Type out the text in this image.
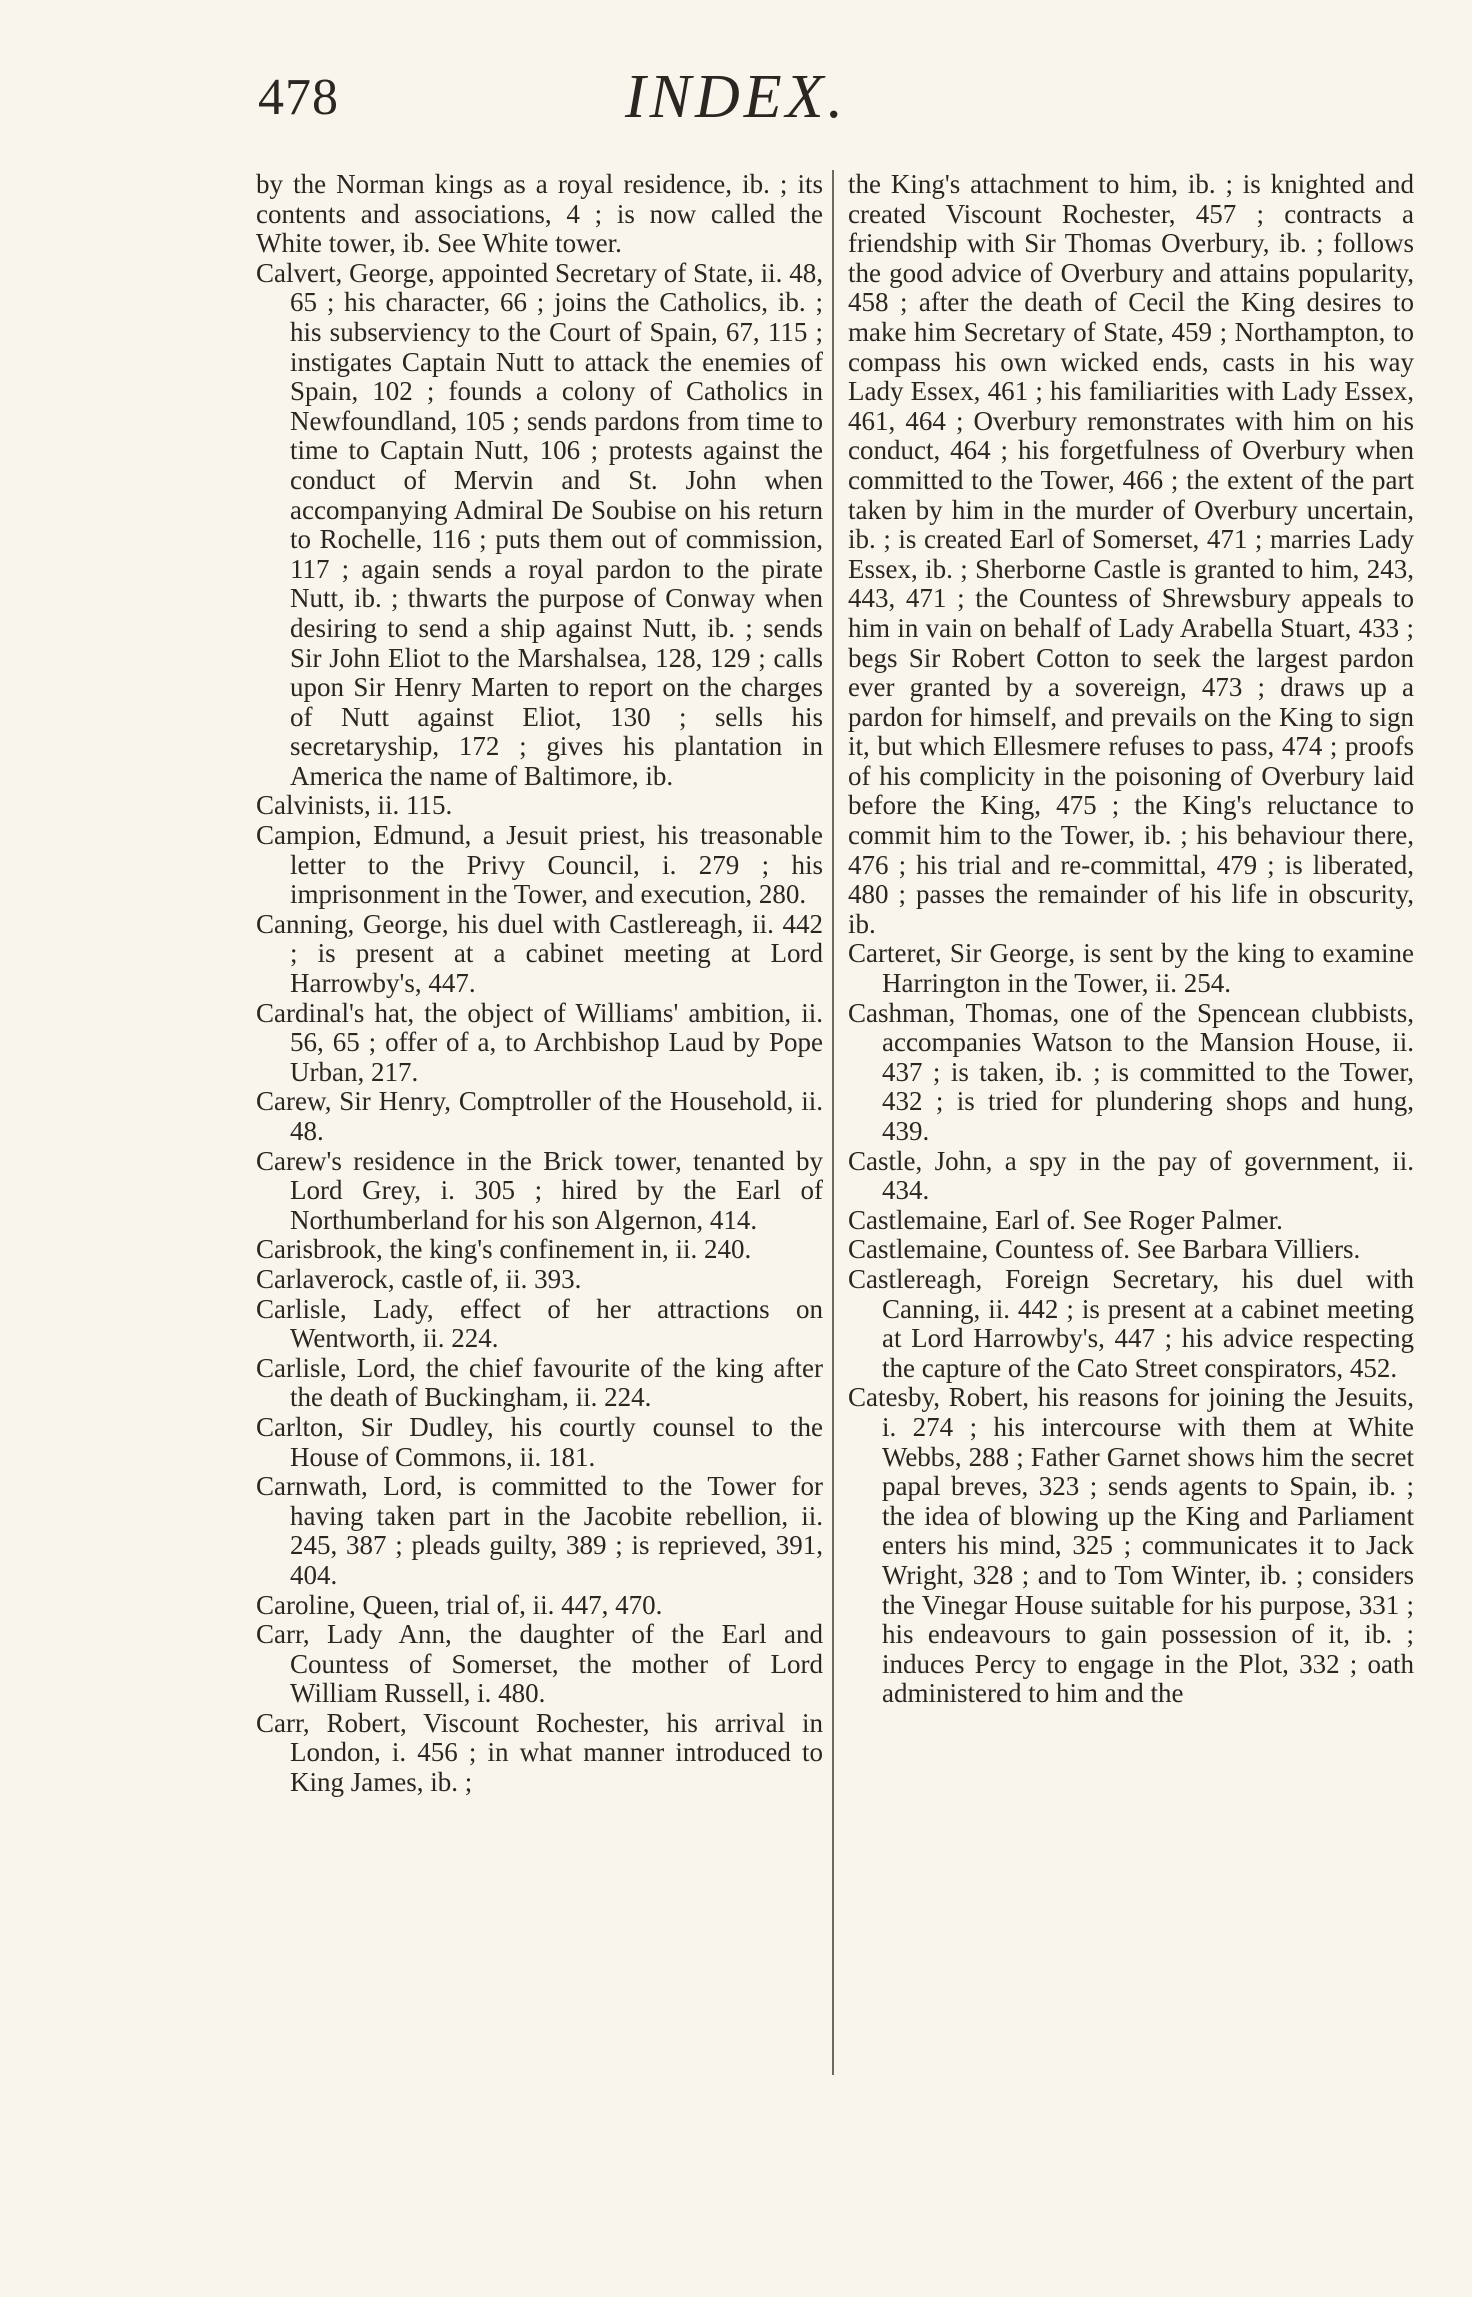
478	INDEX.

by the Norman kings as a royal residence, ib. ; its contents and associations, 4 ; is now called the White tower, ib. See White tower.

Calvert, George, appointed Secretary of State, ii. 48, 65 ; his character, 66 ; joins the Catholics, ib. ; his subserviency to the Court of Spain, 67, 115 ; instigates Captain Nutt to attack the enemies of Spain, 102 ; founds a colony of Catholics in Newfoundland, 105 ; sends pardons from time to time to Captain Nutt, 106 ; protests against the conduct of Mervin and St. John when accompanying Admiral De Soubise on his return to Rochelle, 116 ; puts them out of commission, 117 ; again sends a royal pardon to the pirate Nutt, ib. ; thwarts the purpose of Conway when desiring to send a ship against Nutt, ib. ; sends Sir John Eliot to the Marshalsea, 128, 129 ; calls upon Sir Henry Marten to report on the charges of Nutt against Eliot, 130 ; sells his secretaryship, 172 ; gives his plantation in America the name of Baltimore, ib.

Calvinists, ii. 115.

Campion, Edmund, a Jesuit priest, his treasonable letter to the Privy Council, i. 279 ; his imprisonment in the Tower, and execution, 280.

Canning, George, his duel with Castlereagh, ii. 442 ; is present at a cabinet meeting at Lord Harrowby's, 447.

Cardinal's hat, the object of Williams' ambition, ii. 56, 65 ; offer of a, to Archbishop Laud by Pope Urban, 217.

Carew, Sir Henry, Comptroller of the Household, ii. 48.

Carew's residence in the Brick tower, tenanted by Lord Grey, i. 305 ; hired by the Earl of Northumberland for his son Algernon, 414.

Carisbrook, the king's confinement in, ii. 240.

Carlaverock, castle of, ii. 393.

Carlisle, Lady, effect of her attractions on Wentworth, ii. 224.

Carlisle, Lord, the chief favourite of the king after the death of Buckingham, ii. 224.

Carlton, Sir Dudley, his courtly counsel to the House of Commons, ii. 181.

Carnwath, Lord, is committed to the Tower for having taken part in the Jacobite rebellion, ii. 245, 387 ; pleads guilty, 389 ; is reprieved, 391, 404.

Caroline, Queen, trial of, ii. 447, 470.

Carr, Lady Ann, the daughter of the Earl and Countess of Somerset, the mother of Lord William Russell, i. 480.

Carr, Robert, Viscount Rochester, his arrival in London, i. 456 ; in what manner introduced to King James, ib. ;

the King's attachment to him, ib. ; is knighted and created Viscount Rochester, 457 ; contracts a friendship with Sir Thomas Overbury, ib. ; follows the good advice of Overbury and attains popularity, 458 ; after the death of Cecil the King desires to make him Secretary of State, 459 ; Northampton, to compass his own wicked ends, casts in his way Lady Essex, 461 ; his familiarities with Lady Essex, 461, 464 ; Overbury remonstrates with him on his conduct, 464 ; his forgetfulness of Overbury when committed to the Tower, 466 ; the extent of the part taken by him in the murder of Overbury uncertain, ib. ; is created Earl of Somerset, 471 ; marries Lady Essex, ib. ; Sherborne Castle is granted to him, 243, 443, 471 ; the Countess of Shrewsbury appeals to him in vain on behalf of Lady Arabella Stuart, 433 ; begs Sir Robert Cotton to seek the largest pardon ever granted by a sovereign, 473 ; draws up a pardon for himself, and prevails on the King to sign it, but which Ellesmere refuses to pass, 474 ; proofs of his complicity in the poisoning of Overbury laid before the King, 475 ; the King's reluctance to commit him to the Tower, ib. ; his behaviour there, 476 ; his trial and re-committal, 479 ; is liberated, 480 ; passes the remainder of his life in obscurity, ib.

Carteret, Sir George, is sent by the king to examine Harrington in the Tower, ii. 254.

Cashman, Thomas, one of the Spencean clubbists, accompanies Watson to the Mansion House, ii. 437 ; is taken, ib. ; is committed to the Tower, 432 ; is tried for plundering shops and hung, 439.

Castle, John, a spy in the pay of government, ii. 434.

Castlemaine, Earl of. See Roger Palmer.

Castlemaine, Countess of. See Barbara Villiers.

Castlereagh, Foreign Secretary, his duel with Canning, ii. 442 ; is present at a cabinet meeting at Lord Harrowby's, 447 ; his advice respecting the capture of the Cato Street conspirators, 452.

Catesby, Robert, his reasons for joining the Jesuits, i. 274 ; his intercourse with them at White Webbs, 288 ; Father Garnet shows him the secret papal breves, 323 ; sends agents to Spain, ib. ; the idea of blowing up the King and Parliament enters his mind, 325 ; communicates it to Jack Wright, 328 ; and to Tom Winter, ib. ; considers the Vinegar House suitable for his purpose, 331 ; his endeavours to gain possession of it, ib. ; induces Percy to engage in the Plot, 332 ; oath administered to him and the
